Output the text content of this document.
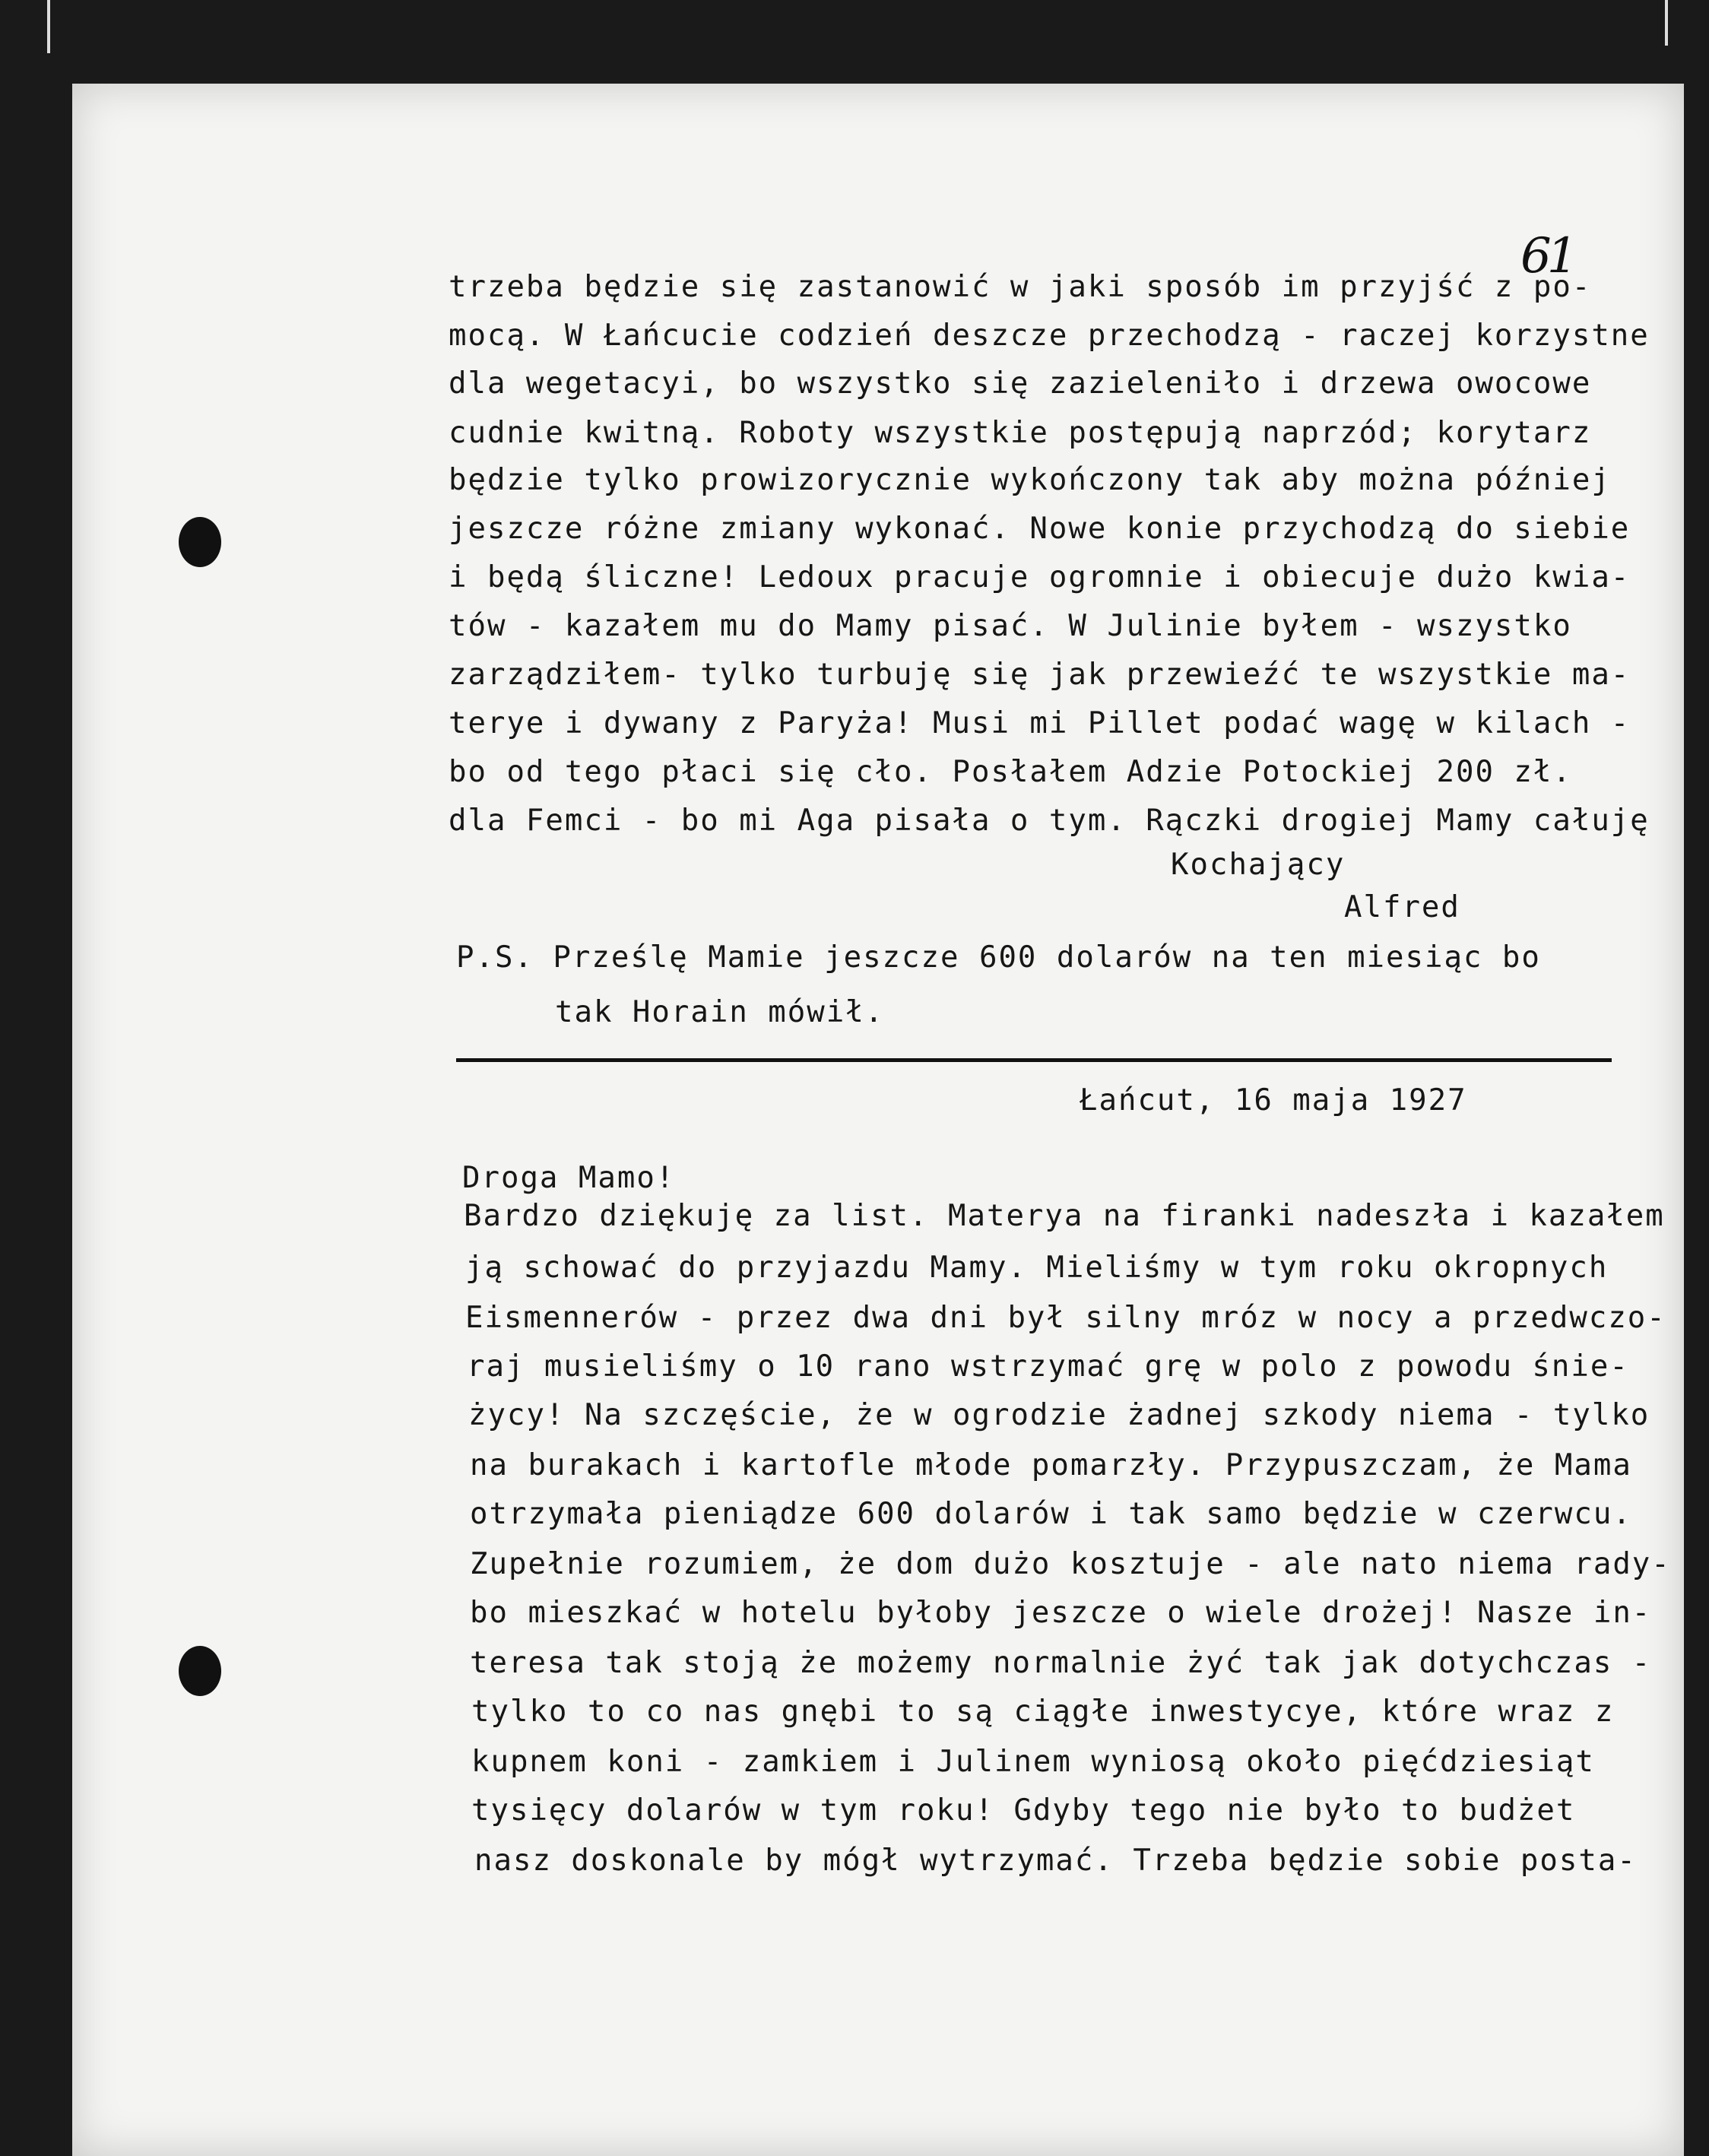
61
trzeba będzie się zastanowić w jaki sposób im przyjść z po-
mocą. W Łańcucie codzień deszcze przechodzą - raczej korzystne
dla wegetacyi, bo wszystko się zazieleniło i drzewa owocowe
cudnie kwitną. Roboty wszystkie postępują naprzód; korytarz
będzie tylko prowizorycznie wykończony tak aby można później
jeszcze różne zmiany wykonać. Nowe konie przychodzą do siebie
i będą śliczne! Ledoux pracuje ogromnie i obiecuje dużo kwia-
tów - kazałem mu do Mamy pisać. W Julinie byłem - wszystko
zarządziłem- tylko turbuję się jak przewieźć te wszystkie ma-
terye i dywany z Paryża! Musi mi Pillet podać wagę w kilach -
bo od tego płaci się cło. Posłałem Adzie Potockiej 200 zł.
dla Femci - bo mi Aga pisała o tym. Rączki drogiej Mamy całuję
Kochający
Alfred
P.S. Prześlę Mamie jeszcze 600 dolarów na ten miesiąc bo
tak Horain mówił.
Łańcut, 16 maja 1927
Droga Mamo!
Bardzo dziękuję za list. Materya na firanki nadeszła i kazałem
ją schować do przyjazdu Mamy. Mieliśmy w tym roku okropnych
Eismennerów - przez dwa dni był silny mróz w nocy a przedwczo-
raj musieliśmy o 10 rano wstrzymać grę w polo z powodu śnie-
życy! Na szczęście, że w ogrodzie żadnej szkody niema - tylko
na burakach i kartofle młode pomarzły. Przypuszczam, że Mama
otrzymała pieniądze 600 dolarów i tak samo będzie w czerwcu.
Zupełnie rozumiem, że dom dużo kosztuje - ale nato niema rady-
bo mieszkać w hotelu byłoby jeszcze o wiele drożej! Nasze in-
teresa tak stoją że możemy normalnie żyć tak jak dotychczas -
tylko to co nas gnębi to są ciągłe inwestycye, które wraz z
kupnem koni - zamkiem i Julinem wyniosą około pięćdziesiąt
tysięcy dolarów w tym roku! Gdyby tego nie było to budżet
nasz doskonale by mógł wytrzymać. Trzeba będzie sobie posta-
